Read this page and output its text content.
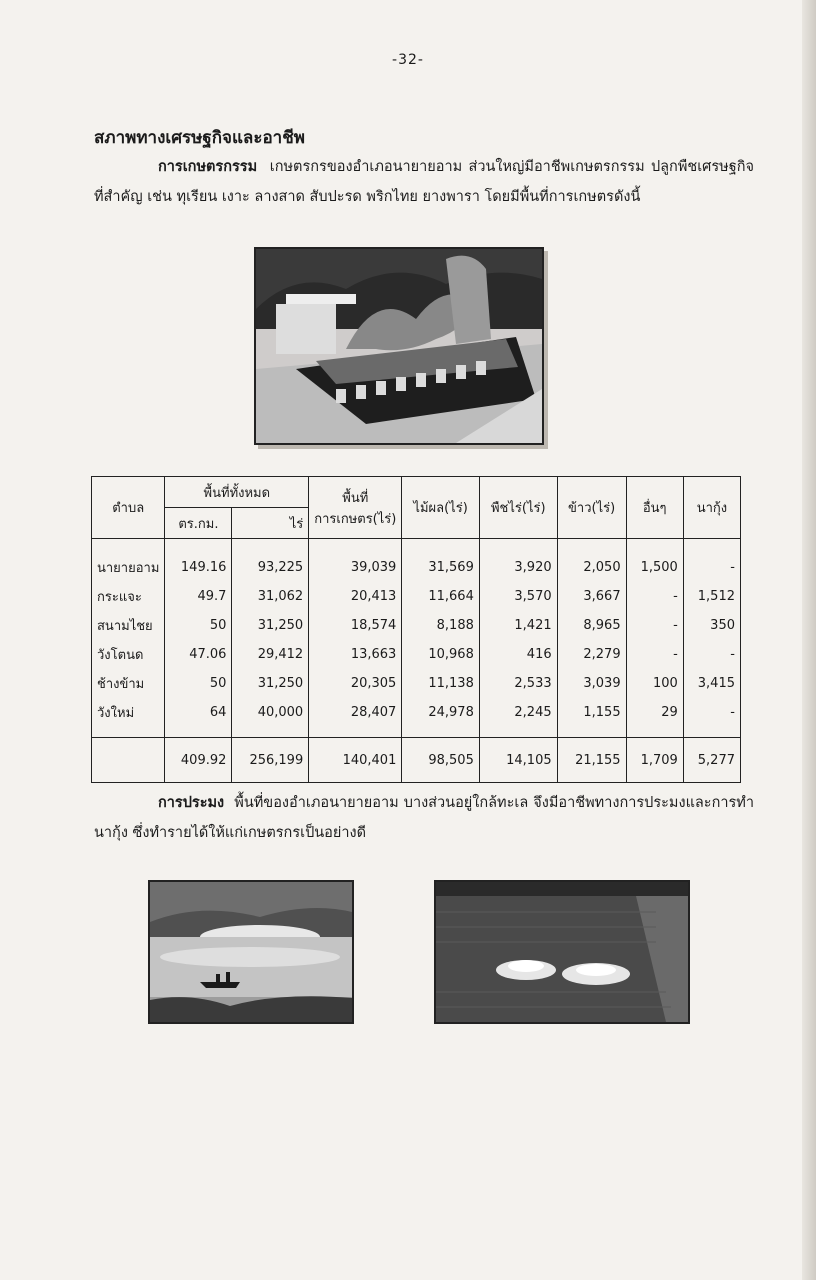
-32-
สภาพทางเศรษฐกิจและอาชีพ
การเกษตรกรรม เกษตรกรของอำเภอนายายอาม ส่วนใหญ่มีอาชีพเกษตรกรรม ปลูกพืชเศรษฐกิจที่สำคัญ เช่น ทุเรียน เงาะ ลางสาด สับปะรด พริกไทย ยางพารา โดยมีพื้นที่การเกษตรดังนี้
ตำบล	พื้นที่ทั้งหมด		พื้นที่การเกษตร(ไร่)	ไม้ผล(ไร่)	พืชไร่(ไร่)	ข้าว(ไร่)	อื่นๆ	นากุ้ง
	ตร.กม.	ไร่						
นายายอาม	149.16	93,225	39,039	31,569	3,920	2,050	1,500	-
กระแจะ	49.7	31,062	20,413	11,664	3,570	3,667	-	1,512
สนามไชย	50	31,250	18,574	8,188	1,421	8,965	-	350
วังโตนด	47.06	29,412	13,663	10,968	416	2,279	-	-
ช้างข้าม	50	31,250	20,305	11,138	2,533	3,039	100	3,415
วังใหม่	64	40,000	28,407	24,978	2,245	1,155	29	-
	409.92	256,199	140,401	98,505	14,105	21,155	1,709	5,277
การประมง พื้นที่ของอำเภอนายายอาม บางส่วนอยู่ใกล้ทะเล จึงมีอาชีพทางการประมงและการทำนากุ้ง ซึ่งทำรายได้ให้แก่เกษตรกรเป็นอย่างดี
